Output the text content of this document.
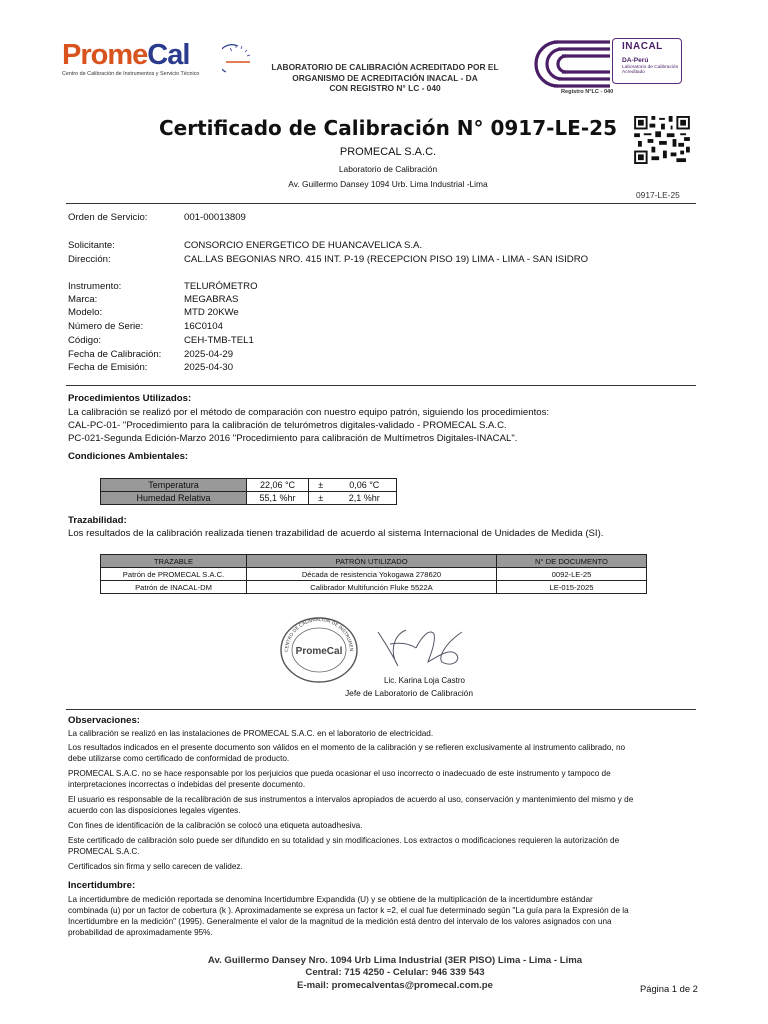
PromeCal
Centro de Calibración de Instrumentos y Servicio Técnico
LABORATORIO DE CALIBRACIÓN ACREDITADO POR EL
ORGANISMO DE ACREDITACIÓN INACAL - DA
CON REGISTRO N° LC - 040
INACAL
DA-Perú
Laboratorio de Calibración Acreditado
Registro N°LC - 040
Certificado de Calibración N° 0917-LE-25
PROMECAL S.A.C.
Laboratorio de Calibración
Av. Guillermo Dansey 1094 Urb. Lima Industrial -Lima
0917-LE-25
Orden de Servicio:	001-00013809
Solicitante:	CONSORCIO ENERGETICO DE HUANCAVELICA S.A.
Dirección:	CAL.LAS BEGONIAS NRO. 415 INT. P-19 (RECEPCION PISO 19) LIMA - LIMA - SAN ISIDRO
Instrumento:	TELURÓMETRO
Marca:	MEGABRAS
Modelo:	MTD 20KWe
Número de Serie:	16C0104
Código:	CEH-TMB-TEL1
Fecha de Calibración: 2025-04-29
Fecha de Emisión:	2025-04-30
Procedimientos Utilizados:
La calibración se realizó por el método de comparación con nuestro equipo patrón, siguiendo los procedimientos:
CAL-PC-01- "Procedimiento para la calibración de telurómetros digitales-validado - PROMECAL S.A.C.
PC-021-Segunda Edición-Marzo 2016 "Procedimiento para calibración de Multímetros Digitales-INACAL".
Condiciones Ambientales:
Temperatura	22,06 °C	±	0,06 °C
Humedad Relativa	55,1 %hr	±	2,1 %hr
Trazabilidad:
Los resultados de la calibración realizada tienen trazabilidad de acuerdo al sistema Internacional de Unidades de Medida (SI).
TRAZABLE	PATRÓN UTILIZADO	N° DE DOCUMENTO
Patrón de PROMECAL S.A.C.	Década de resistencia Yokogawa 278620	0092-LE-25
Patrón de INACAL-DM	Calibrador Multifunción Fluke 5522A	LE-015-2025
CENTRO DE CALIBRACIÓN DE INSTRUMEN
PromeCal
Lic. Karina Loja Castro
Jefe de Laboratorio de Calibración
Observaciones:
La calibración se realizó en las instalaciones de PROMECAL S.A.C. en el laboratorio de electricidad.
Los resultados indicados en el presente documento son válidos en el momento de la calibración y se refieren exclusivamente al instrumento calibrado, no
debe utilizarse como certificado de conformidad de producto.
PROMECAL S.A.C. no se hace responsable por los perjuicios que pueda ocasionar el uso incorrecto o inadecuado de este instrumento y tampoco de
interpretaciones incorrectas o indebidas del presente documento.
El usuario es responsable de la recalibración de sus instrumentos a intervalos apropiados de acuerdo al uso, conservación y mantenimiento del mismo y de
acuerdo con las disposiciones legales vigentes.
Con fines de identificación de la calibración se colocó una etiqueta autoadhesiva.
Este certificado de calibración solo puede ser difundido en su totalidad y sin modificaciones. Los extractos o modificaciones requieren la autorización de
PROMECAL S.A.C.
Certificados sin firma y sello carecen de validez.
Incertidumbre:
La incertidumbre de medición reportada se denomina Incertidumbre Expandida (U) y se obtiene de la multiplicación de la incertidumbre estándar
combinada (u) por un factor de cobertura (k ). Aproximadamente se expresa un factor k =2, el cual fue determinado según "La guía para la Expresión de la
Incertidumbre en la medición" (1995). Generalmente el valor de la magnitud de la medición está dentro del intervalo de los valores asignados con una
probabilidad de aproximadamente 95%.
Av. Guillermo Dansey Nro. 1094 Urb Lima Industrial (3ER PISO) Lima - Lima - Lima
Central: 715 4250 - Celular: 946 339 543
E-mail: promecalventas@promecal.com.pe	Página 1 de 2
